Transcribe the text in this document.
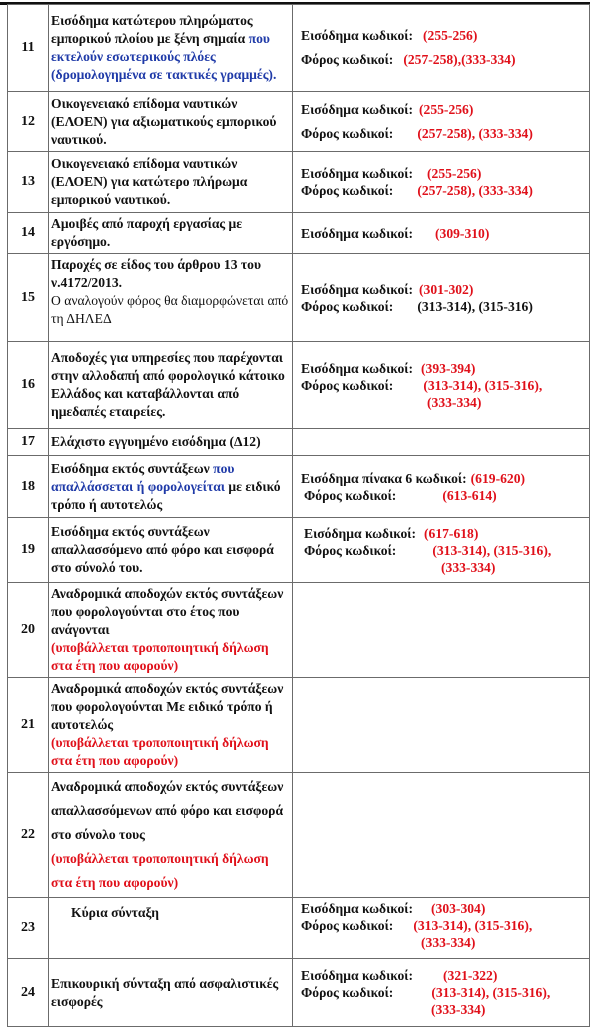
11	Εισόδημα κατώτερου πληρώματος εμπορικού πλοίου με ξένη σημαία που εκτελούν εσωτερικούς πλόες (δρομολογημένα σε τακτικές γραμμές).	Εισόδημα κωδικοί: (255-256)
Φόρος κωδικοί: (257-258),(333-334)

12	Οικογενειακό επίδομα ναυτικών (ΕΛΟΕΝ) για αξιωματικούς εμπορικού ναυτικού.	Εισόδημα κωδικοί: (255-256)
Φόρος κωδικοί: (257-258), (333-334)

13	Οικογενειακό επίδομα ναυτικών (ΕΛΟΕΝ) για κατώτερο πλήρωμα εμπορικού ναυτικού.	Εισόδημα κωδικοί: (255-256)
Φόρος κωδικοί: (257-258), (333-334)

14	Αμοιβές από παροχή εργασίας με εργόσημο.	Εισόδημα κωδικοί: (309-310)

15	
Παροχές σε είδος του άρθρου 13 του ν.4172/2013.
Ο αναλογούν φόρος θα διαμορφώνεται από τη ΔΗΛΕΔ

Εισόδημα κωδικοί: (301-302)
Φόρος κωδικοί: (313-314), (315-316)

16	Αποδοχές για υπηρεσίες που παρέχονται στην αλλοδαπή από φορολογικό κάτοικο Ελλάδος και καταβάλλονται από ημεδαπές εταιρείες.	Εισόδημα κωδικοί: (393-394)
Φόρος κωδικοί: (313-314), (315-316),
(333-334)

17	Ελάχιστο εγγυημένο εισόδημα (Δ12)	
18	Εισόδημα εκτός συντάξεων που απαλλάσσεται ή φορολογείται με ειδικό τρόπο ή αυτοτελώς	Εισόδημα πίνακα 6 κωδικοί: (619-620)
Φόρος κωδικοί: (613-614)

19	Εισόδημα εκτός συντάξεων απαλλασσόμενο από φόρο και εισφορά στο σύνολό του.	Εισόδημα κωδικοί: (617-618)
Φόρος κωδικοί: (313-314), (315-316),
(333-334)

20	Αναδρομικά αποδοχών εκτός συντάξεων που φορολογούνται στο έτος που ανάγονται
(υποβάλλεται τροποποιητική δήλωση στα έτη που αφορούν)	

21	Αναδρομικά αποδοχών εκτός συντάξεων που φορολογούνται Με ειδικό τρόπο ή αυτοτελώς
(υποβάλλεται τροποποιητική δήλωση στα έτη που αφορούν)	

22	Αναδρομικά αποδοχών εκτός συντάξεων απαλλασσόμενων από φόρο και εισφορά στο σύνολο τους
(υποβάλλεται τροποποιητική δήλωση στα έτη που αφορούν)	

23	Κύρια σύνταξη	Εισόδημα κωδικοί: (303-304)
Φόρος κωδικοί: (313-314), (315-316),
(333-334)

24	Επικουρική σύνταξη από ασφαλιστικές εισφορές	Εισόδημα κωδικοί: (321-322)
Φόρος κωδικοί: (313-314), (315-316),
(333-334)
